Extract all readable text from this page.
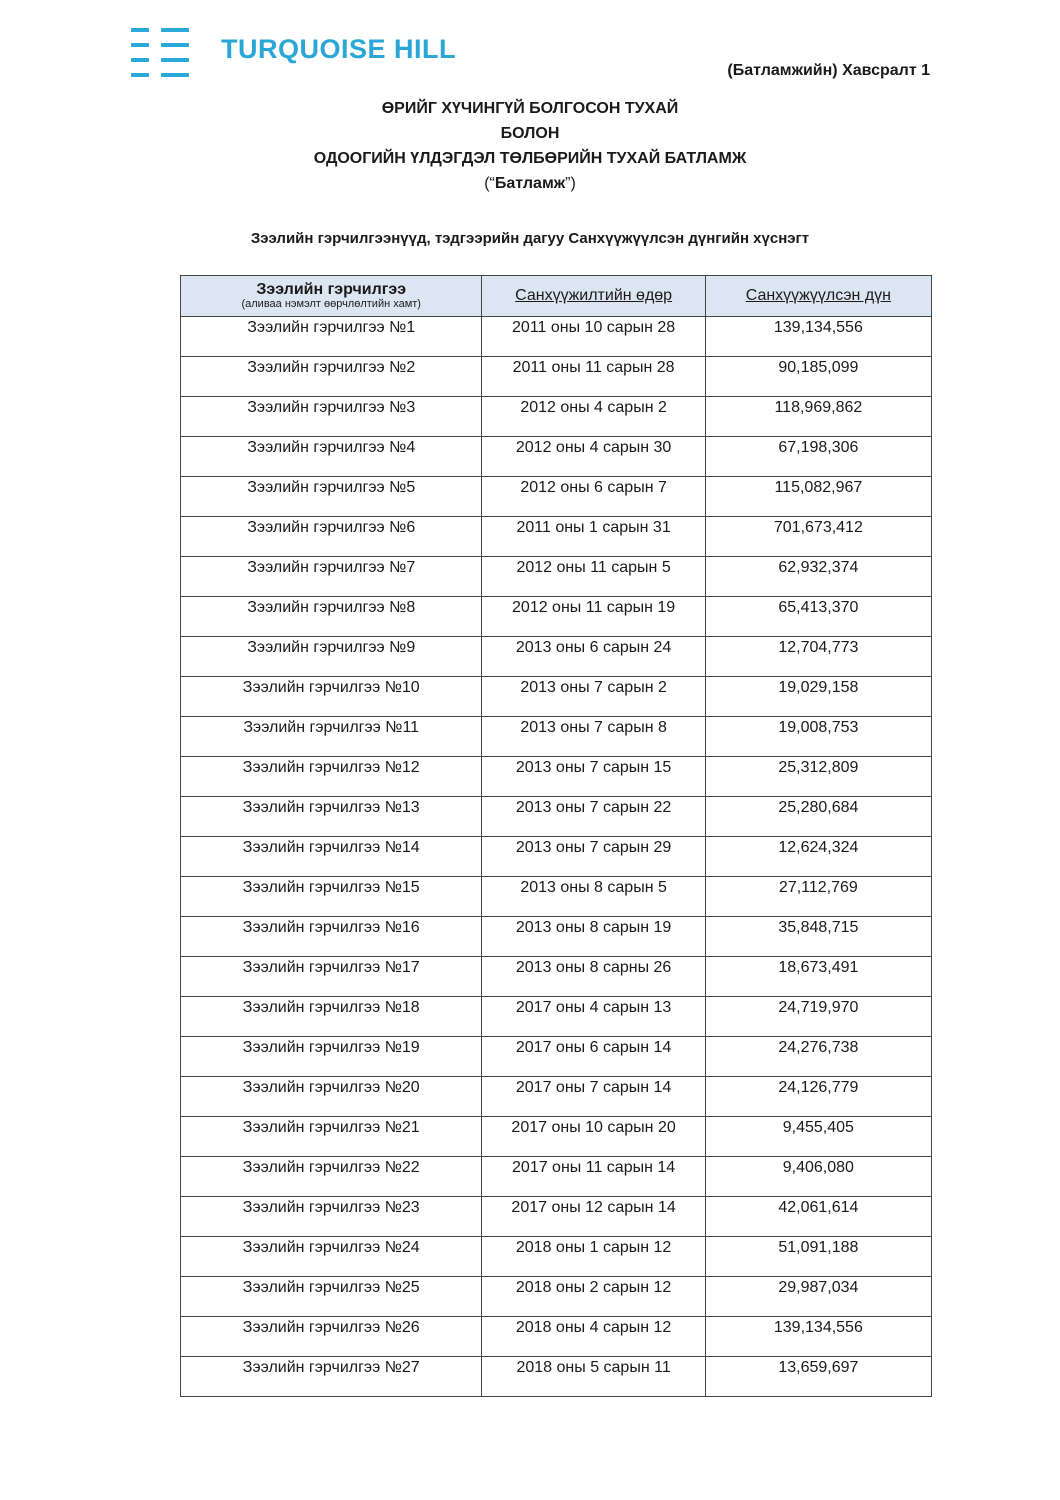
TURQUOISE HILL
(Батламжийн) Хавсралт 1
ӨРИЙГ ХҮЧИНГҮЙ БОЛГОСОН ТУХАЙ
БОЛОН
ОДООГИЙН ҮЛДЭГДЭЛ ТӨЛБӨРИЙН ТУХАЙ БАТЛАМЖ
(“Батламж”)
Зээлийн гэрчилгээнүүд, тэдгээрийн дагуу Санхүүжүүлсэн дүнгийн хүснэгт
Зээлийн гэрчилгээ
(аливаа нэмэлт өөрчлөлтийн хамт)	Санхүүжилтийн өдөр	Санхүүжүүлсэн дүн
Зээлийн гэрчилгээ №1	2011 оны 10 сарын 28	139,134,556
Зээлийн гэрчилгээ №2	2011 оны 11 сарын 28	90,185,099
Зээлийн гэрчилгээ №3	2012 оны 4 сарын 2	118,969,862
Зээлийн гэрчилгээ №4	2012 оны 4 сарын 30	67,198,306
Зээлийн гэрчилгээ №5	2012 оны 6 сарын 7	115,082,967
Зээлийн гэрчилгээ №6	2011 оны 1 сарын 31	701,673,412
Зээлийн гэрчилгээ №7	2012 оны 11 сарын 5	62,932,374
Зээлийн гэрчилгээ №8	2012 оны 11 сарын 19	65,413,370
Зээлийн гэрчилгээ №9	2013 оны 6 сарын 24	12,704,773
Зээлийн гэрчилгээ №10	2013 оны 7 сарын 2	19,029,158
Зээлийн гэрчилгээ №11	2013 оны 7 сарын 8	19,008,753
Зээлийн гэрчилгээ №12	2013 оны 7 сарын 15	25,312,809
Зээлийн гэрчилгээ №13	2013 оны 7 сарын 22	25,280,684
Зээлийн гэрчилгээ №14	2013 оны 7 сарын 29	12,624,324
Зээлийн гэрчилгээ №15	2013 оны 8 сарын 5	27,112,769
Зээлийн гэрчилгээ №16	2013 оны 8 сарын 19	35,848,715
Зээлийн гэрчилгээ №17	2013 оны 8 сарны 26	18,673,491
Зээлийн гэрчилгээ №18	2017 оны 4 сарын 13	24,719,970
Зээлийн гэрчилгээ №19	2017 оны 6 сарын 14	24,276,738
Зээлийн гэрчилгээ №20	2017 оны 7 сарын 14	24,126,779
Зээлийн гэрчилгээ №21	2017 оны 10 сарын 20	9,455,405
Зээлийн гэрчилгээ №22	2017 оны 11 сарын 14	9,406,080
Зээлийн гэрчилгээ №23	2017 оны 12 сарын 14	42,061,614
Зээлийн гэрчилгээ №24	2018 оны 1 сарын 12	51,091,188
Зээлийн гэрчилгээ №25	2018 оны 2 сарын 12	29,987,034
Зээлийн гэрчилгээ №26	2018 оны 4 сарын 12	139,134,556
Зээлийн гэрчилгээ №27	2018 оны 5 сарын 11	13,659,697
